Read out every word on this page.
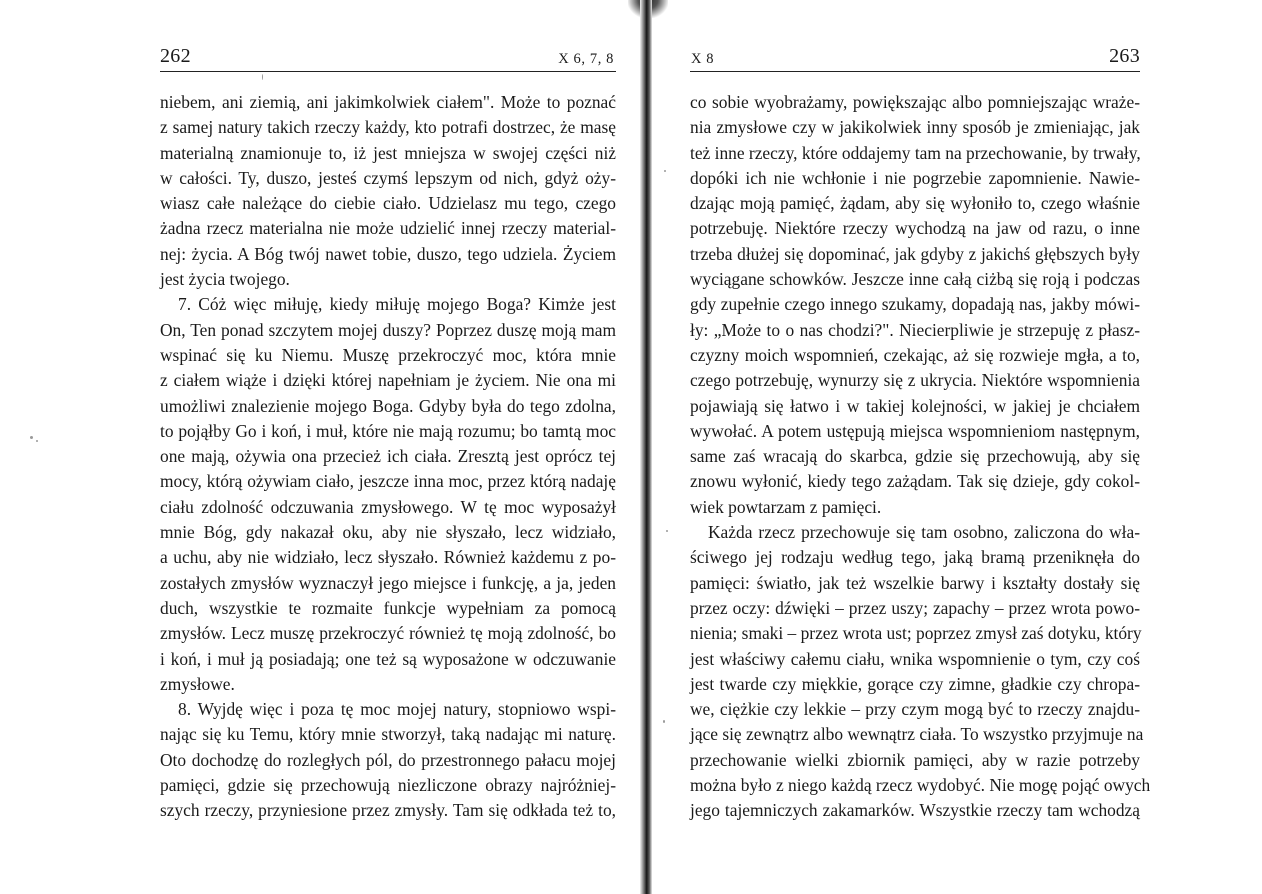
262	X 6, 7, 8
niebem, ani ziemią, ani jakimkolwiek ciałem". Może to poznać
z samej natury takich rzeczy każdy, kto potrafi dostrzec, że masę
materialną znamionuje to, iż jest mniejsza w swojej części niż
w całości. Ty, duszo, jesteś czymś lepszym od nich, gdyż oży-
wiasz całe należące do ciebie ciało. Udzielasz mu tego, czego
żadna rzecz materialna nie może udzielić innej rzeczy material-
nej: życia. A Bóg twój nawet tobie, duszo, tego udziela. Życiem
jest życia twojego.
7. Cóż więc miłuję, kiedy miłuję mojego Boga? Kimże jest
On, Ten ponad szczytem mojej duszy? Poprzez duszę moją mam
wspinać się ku Niemu. Muszę przekroczyć moc, która mnie
z ciałem wiąże i dzięki której napełniam je życiem. Nie ona mi
umożliwi znalezienie mojego Boga. Gdyby była do tego zdolna,
to pojąłby Go i koń, i muł, które nie mają rozumu; bo tamtą moc
one mają, ożywia ona przecież ich ciała. Zresztą jest oprócz tej
mocy, którą ożywiam ciało, jeszcze inna moc, przez którą nadaję
ciału zdolność odczuwania zmysłowego. W tę moc wyposażył
mnie Bóg, gdy nakazał oku, aby nie słyszało, lecz widziało,
a uchu, aby nie widziało, lecz słyszało. Również każdemu z po-
zostałych zmysłów wyznaczył jego miejsce i funkcję, a ja, jeden
duch, wszystkie te rozmaite funkcje wypełniam za pomocą
zmysłów. Lecz muszę przekroczyć również tę moją zdolność, bo
i koń, i muł ją posiadają; one też są wyposażone w odczuwanie
zmysłowe.
8. Wyjdę więc i poza tę moc mojej natury, stopniowo wspi-
nając się ku Temu, który mnie stworzył, taką nadając mi naturę.
Oto dochodzę do rozległych pól, do przestronnego pałacu mojej
pamięci, gdzie się przechowują niezliczone obrazy najróżniej-
szych rzeczy, przyniesione przez zmysły. Tam się odkłada też to,
X 8	263
co sobie wyobrażamy, powiększając albo pomniejszając wraże-
nia zmysłowe czy w jakikolwiek inny sposób je zmieniając, jak
też inne rzeczy, które oddajemy tam na przechowanie, by trwały,
dopóki ich nie wchłonie i nie pogrzebie zapomnienie. Nawie-
dzając moją pamięć, żądam, aby się wyłoniło to, czego właśnie
potrzebuję. Niektóre rzeczy wychodzą na jaw od razu, o inne
trzeba dłużej się dopominać, jak gdyby z jakichś głębszych były
wyciągane schowków. Jeszcze inne całą ciżbą się roją i podczas
gdy zupełnie czego innego szukamy, dopadają nas, jakby mówi-
ły: „Może to o nas chodzi?". Niecierpliwie je strzepuję z płasz-
czyzny moich wspomnień, czekając, aż się rozwieje mgła, a to,
czego potrzebuję, wynurzy się z ukrycia. Niektóre wspomnienia
pojawiają się łatwo i w takiej kolejności, w jakiej je chciałem
wywołać. A potem ustępują miejsca wspomnieniom następnym,
same zaś wracają do skarbca, gdzie się przechowują, aby się
znowu wyłonić, kiedy tego zażądam. Tak się dzieje, gdy cokol-
wiek powtarzam z pamięci.
Każda rzecz przechowuje się tam osobno, zaliczona do wła-
ściwego jej rodzaju według tego, jaką bramą przeniknęła do
pamięci: światło, jak też wszelkie barwy i kształty dostały się
przez oczy: dźwięki – przez uszy; zapachy – przez wrota powo-
nienia; smaki – przez wrota ust; poprzez zmysł zaś dotyku, który
jest właściwy całemu ciału, wnika wspomnienie o tym, czy coś
jest twarde czy miękkie, gorące czy zimne, gładkie czy chropa-
we, ciężkie czy lekkie – przy czym mogą być to rzeczy znajdu-
jące się zewnątrz albo wewnątrz ciała. To wszystko przyjmuje na
przechowanie wielki zbiornik pamięci, aby w razie potrzeby
można było z niego każdą rzecz wydobyć. Nie mogę pojąć owych
jego tajemniczych zakamarków. Wszystkie rzeczy tam wchodzą
